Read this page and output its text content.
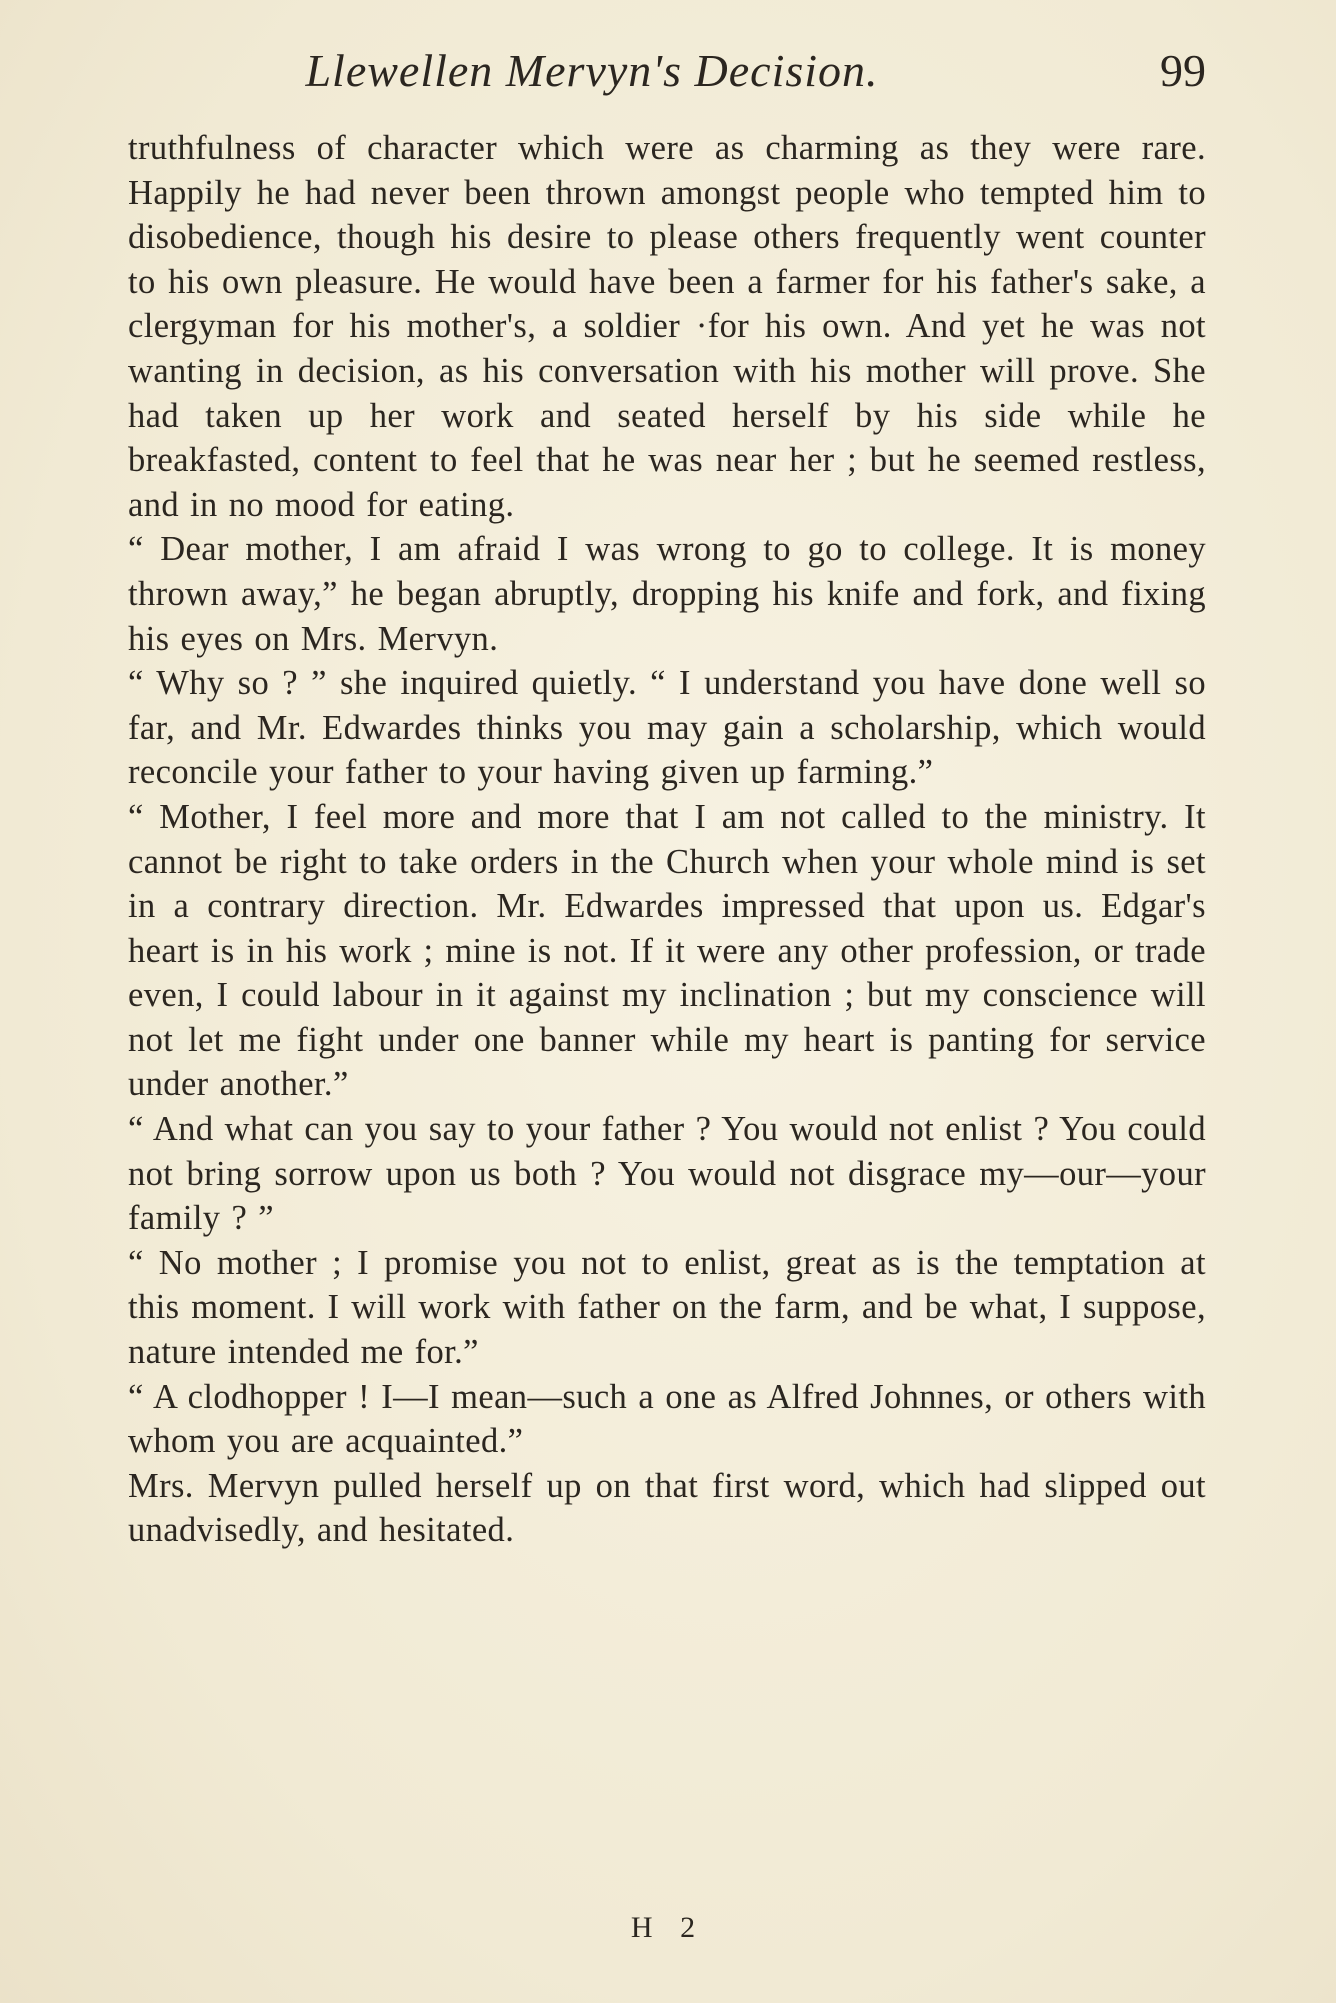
Llewellen Mervyn's Decision.	99

truthfulness of character which were as charming as they were rare. Happily he had never been thrown amongst people who tempted him to disobedience, though his desire to please others frequently went counter to his own pleasure. He would have been a farmer for his father's sake, a clergyman for his mother's, a soldier ·for his own. And yet he was not wanting in decision, as his conversation with his mother will prove. She had taken up her work and seated herself by his side while he breakfasted, content to feel that he was near her ; but he seemed restless, and in no mood for eating.

“ Dear mother, I am afraid I was wrong to go to college. It is money thrown away,” he began abruptly, dropping his knife and fork, and fixing his eyes on Mrs. Mervyn.

“ Why so ? ” she inquired quietly. “ I understand you have done well so far, and Mr. Edwardes thinks you may gain a scholarship, which would reconcile your father to your having given up farming.”

“ Mother, I feel more and more that I am not called to the ministry. It cannot be right to take orders in the Church when your whole mind is set in a contrary direction. Mr. Edwardes impressed that upon us. Edgar's heart is in his work ; mine is not. If it were any other profession, or trade even, I could labour in it against my inclination ; but my conscience will not let me fight under one banner while my heart is panting for service under another.”

“ And what can you say to your father ? You would not enlist ? You could not bring sorrow upon us both ? You would not disgrace my—our—your family ? ”

“ No mother ; I promise you not to enlist, great as is the temptation at this moment. I will work with father on the farm, and be what, I suppose, nature intended me for.”

“ A clodhopper ! I—I mean—such a one as Alfred Johnnes, or others with whom you are acquainted.”

Mrs. Mervyn pulled herself up on that first word, which had slipped out unadvisedly, and hesitated.

H 2
